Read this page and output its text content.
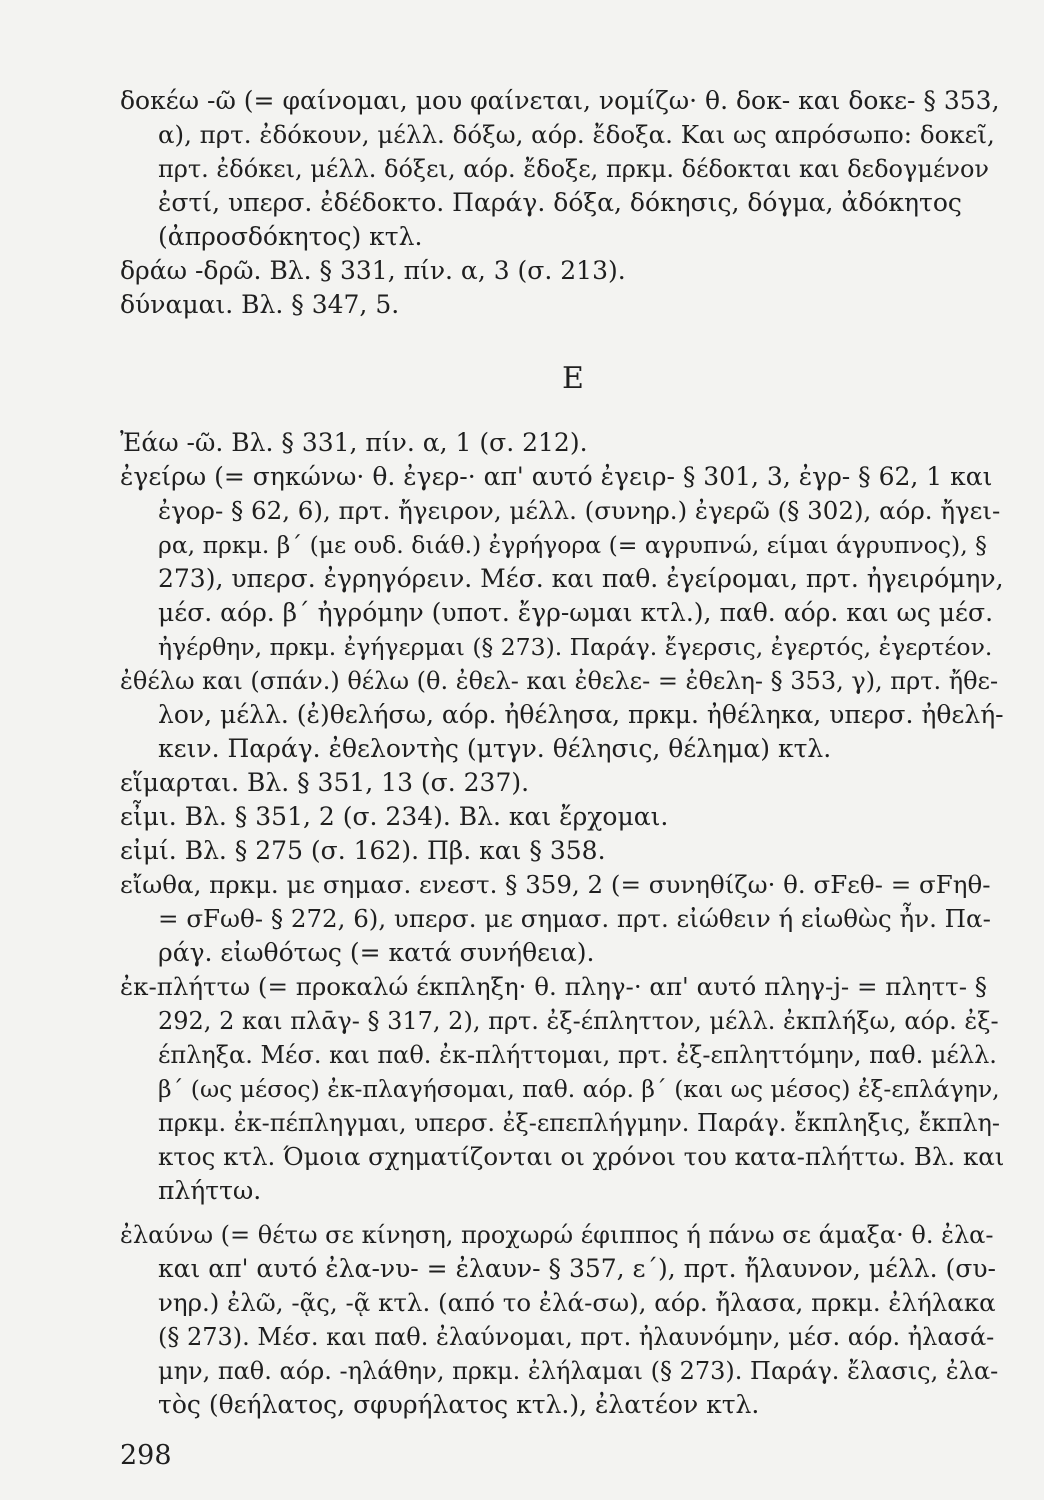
δοκέω -ῶ (= φαίνομαι, μου φαίνεται, νομίζω· θ. δοκ- και δοκε- § 353,
α), πρτ. ἐδόκουν, μέλλ. δόξω, αόρ. ἔδοξα. Και ως απρόσωπο: δοκεῖ,
πρτ. ἐδόκει, μέλλ. δόξει, αόρ. ἔδοξε, πρκμ. δέδοκται και δεδογμένον
ἐστί, υπερσ. ἐδέδοκτο. Παράγ. δόξα, δόκησις, δόγμα, ἀδόκητος
(ἀπροσδόκητος) κτλ.
δράω -δρῶ. Βλ. § 331, πίν. α, 3 (σ. 213).
δύναμαι. Βλ. § 347, 5.
Ε
Ἐάω -ῶ. Βλ. § 331, πίν. α, 1 (σ. 212).
ἐγείρω (= σηκώνω· θ. ἐγερ-· απ' αυτό ἐγειρ- § 301, 3, ἐγρ- § 62, 1 και
ἐγορ- § 62, 6), πρτ. ἤγειρον, μέλλ. (συνηρ.) ἐγερῶ (§ 302), αόρ. ἤγει-
ρα, πρκμ. β΄ (με ουδ. διάθ.) ἐγρήγορα (= αγρυπνώ, είμαι άγρυπνος), §
273), υπερσ. ἐγρηγόρειν. Μέσ. και παθ. ἐγείρομαι, πρτ. ἠγειρόμην,
μέσ. αόρ. β΄ ἠγρόμην (υποτ. ἔγρ-ωμαι κτλ.), παθ. αόρ. και ως μέσ.
ἠγέρθην, πρκμ. ἐγήγερμαι (§ 273). Παράγ. ἔγερσις, ἐγερτός, ἐγερτέον.
ἐθέλω και (σπάν.) θέλω (θ. ἐθελ- και ἐθελε- = ἐθελη- § 353, γ), πρτ. ἤθε-
λον, μέλλ. (ἐ)θελήσω, αόρ. ἠθέλησα, πρκμ. ἠθέληκα, υπερσ. ἠθελή-
κειν. Παράγ. ἐθελοντὴς (μτγν. θέλησις, θέλημα) κτλ.
εἵμαρται. Βλ. § 351, 13 (σ. 237).
εἶμι. Βλ. § 351, 2 (σ. 234). Βλ. και ἔρχομαι.
εἰμί. Βλ. § 275 (σ. 162). Πβ. και § 358.
εἴωθα, πρκμ. με σημασ. ενεστ. § 359, 2 (= συνηθίζω· θ. σFεθ- = σFηθ-
= σFωθ- § 272, 6), υπερσ. με σημασ. πρτ. εἰώθειν ή εἰωθὼς ἦν. Πα-
ράγ. εἰωθότως (= κατά συνήθεια).
ἐκ-πλήττω (= προκαλώ έκπληξη· θ. πληγ-· απ' αυτό πληγ-j- = πληττ- §
292, 2 και πλᾱγ- § 317, 2), πρτ. ἐξ-έπληττον, μέλλ. ἐκπλήξω, αόρ. ἐξ-
έπληξα. Μέσ. και παθ. ἐκ-πλήττομαι, πρτ. ἐξ-επληττόμην, παθ. μέλλ.
β΄ (ως μέσος) ἐκ-πλαγήσομαι, παθ. αόρ. β΄ (και ως μέσος) ἐξ-επλάγην,
πρκμ. ἐκ-πέπληγμαι, υπερσ. ἐξ-επεπλήγμην. Παράγ. ἔκπληξις, ἔκπλη-
κτος κτλ. Όμοια σχηματίζονται οι χρόνοι του κατα-πλήττω. Βλ. και
πλήττω.
ἐλαύνω (= θέτω σε κίνηση, προχωρώ έφιππος ή πάνω σε άμαξα· θ. ἐλα-
και απ' αυτό ἐλα-νυ- = ἐλαυν- § 357, ε΄), πρτ. ἤλαυνον, μέλλ. (συ-
νηρ.) ἐλῶ, -ᾷς, -ᾷ κτλ. (από το ἐλά-σω), αόρ. ἤλασα, πρκμ. ἐλήλακα
(§ 273). Μέσ. και παθ. ἐλαύνομαι, πρτ. ἠλαυνόμην, μέσ. αόρ. ἠλασά-
μην, παθ. αόρ. -ηλάθην, πρκμ. ἐλήλαμαι (§ 273). Παράγ. ἔλασις, ἐλα-
τὸς (θεήλατος, σφυρήλατος κτλ.), ἐλατέον κτλ.
298
